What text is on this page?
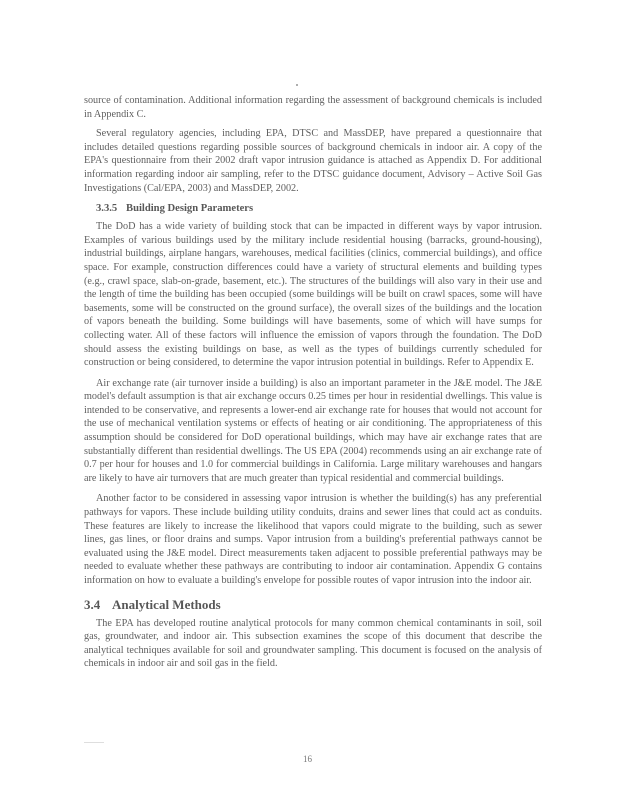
source of contamination. Additional information regarding the assessment of background chemicals is included in Appendix C.

Several regulatory agencies, including EPA, DTSC and MassDEP, have prepared a questionnaire that includes detailed questions regarding possible sources of background chemicals in indoor air. A copy of the EPA's questionnaire from their 2002 draft vapor intrusion guidance is attached as Appendix D. For additional information regarding indoor air sampling, refer to the DTSC guidance document, Advisory – Active Soil Gas Investigations (Cal/EPA, 2003) and MassDEP, 2002.

3.3.5 Building Design Parameters

The DoD has a wide variety of building stock that can be impacted in different ways by vapor intrusion. Examples of various buildings used by the military include residential housing (barracks, ground-housing), industrial buildings, airplane hangars, warehouses, medical facilities (clinics, commercial buildings), and office space. For example, construction differences could have a variety of structural elements and building types (e.g., crawl space, slab-on-grade, basement, etc.). The structures of the buildings will also vary in their use and the length of time the building has been occupied (some buildings will be built on crawl spaces, some will have basements, some will be constructed on the ground surface), the overall sizes of the buildings and the location of vapors beneath the building. Some buildings will have basements, some of which will have sumps for collecting water. All of these factors will influence the emission of vapors through the foundation. The DoD should assess the existing buildings on base, as well as the types of buildings currently scheduled for construction or being considered, to determine the vapor intrusion potential in buildings. Refer to Appendix E.

Air exchange rate (air turnover inside a building) is also an important parameter in the J&E model. The J&E model's default assumption is that air exchange occurs 0.25 times per hour in residential dwellings. This value is intended to be conservative, and represents a lower-end air exchange rate for houses that would not account for the use of mechanical ventilation systems or effects of heating or air conditioning. The appropriateness of this assumption should be considered for DoD operational buildings, which may have air exchange rates that are substantially different than residential dwellings. The US EPA (2004) recommends using an air exchange rate of 0.7 per hour for houses and 1.0 for commercial buildings in California. Large military warehouses and hangars are likely to have air turnovers that are much greater than typical residential and commercial buildings.

Another factor to be considered in assessing vapor intrusion is whether the building(s) has any preferential pathways for vapors. These include building utility conduits, drains and sewer lines that could act as conduits. These features are likely to increase the likelihood that vapors could migrate to the building, such as sewer lines, gas lines, or floor drains and sumps. Vapor intrusion from a building's preferential pathways cannot be evaluated using the J&E model. Direct measurements taken adjacent to possible preferential pathways may be needed to evaluate whether these pathways are contributing to indoor air contamination. Appendix G contains information on how to evaluate a building's envelope for possible routes of vapor intrusion into the indoor air.

3.4 Analytical Methods

The EPA has developed routine analytical protocols for many common chemical contaminants in soil, soil gas, groundwater, and indoor air. This subsection examines the scope of this document that describe the analytical techniques available for soil and groundwater sampling. This document is focused on the analysis of chemicals in indoor air and soil gas in the field.

16
